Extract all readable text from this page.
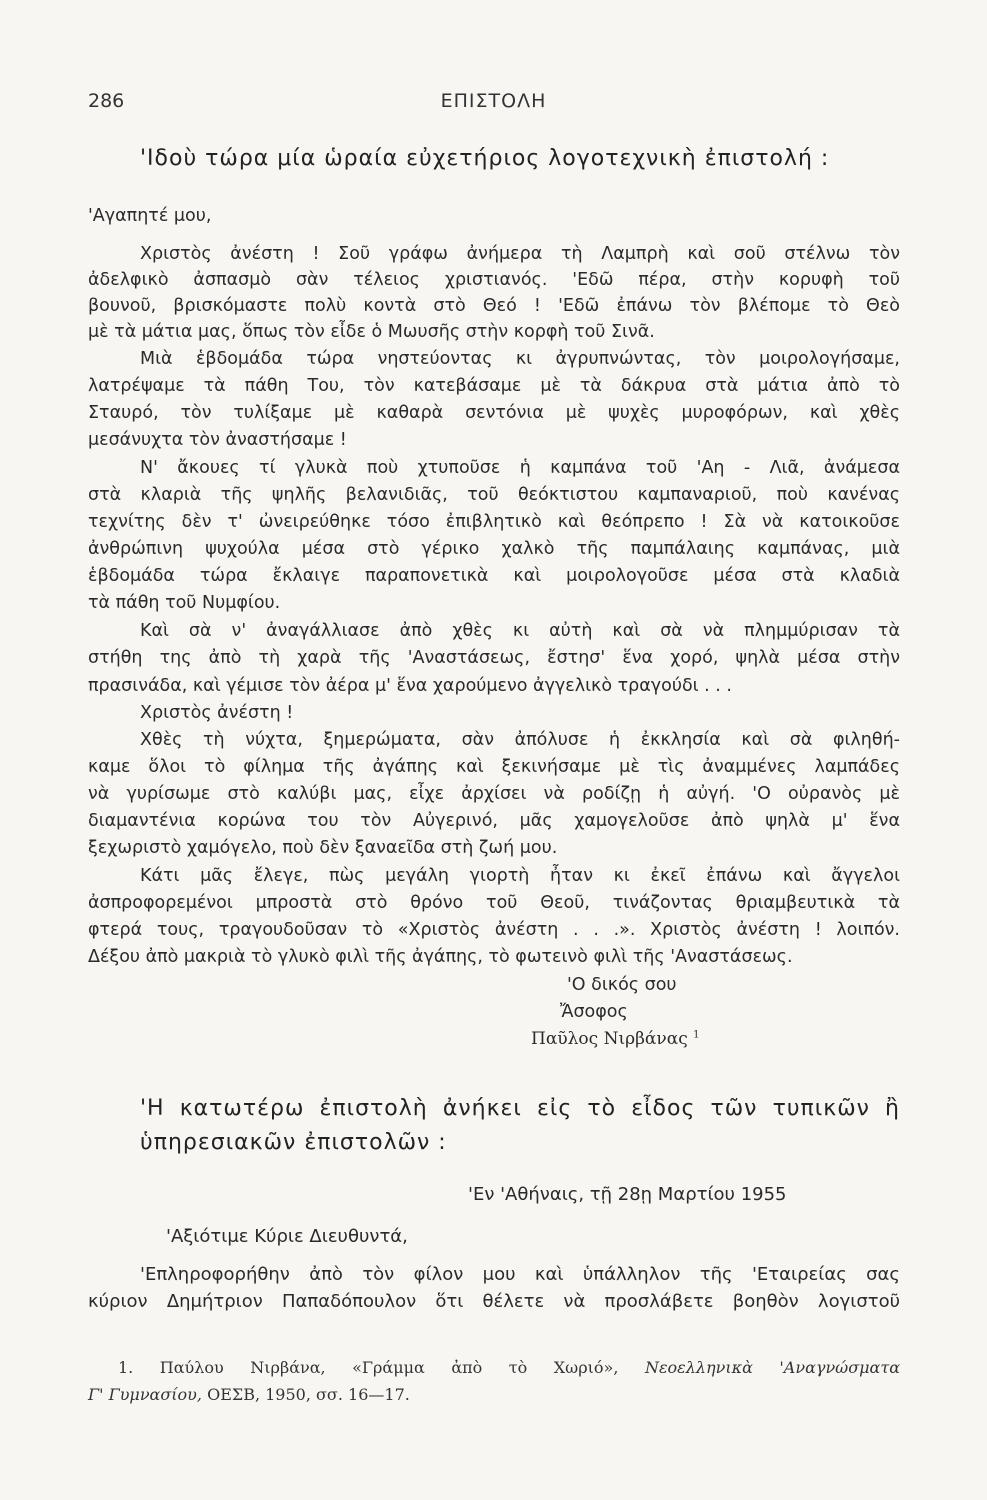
286	ΕΠΙΣΤΟΛΗ
'Ιδοὺ τώρα μία ὡραία εὐχετήριος λογοτεχνικὴ ἐπιστολή :
'Αγαπητέ μου,
Χριστὸς ἀνέστη ! Σοῦ γράφω ἀνήμερα τὴ Λαμπρὴ καὶ σοῦ στέλνω τὸν
ἀδελφικὸ ἀσπασμὸ σὰν τέλειος χριστιανός. 'Εδῶ πέρα, στὴν κορυφὴ τοῦ
βουνοῦ, βρισκόμαστε πολὺ κοντὰ στὸ Θεό ! 'Εδῶ ἐπάνω τὸν βλέπομε τὸ Θεὸ
μὲ τὰ μάτια μας, ὅπως τὸν εἶδε ὁ Μωυσῆς στὴν κορφὴ τοῦ Σινᾶ.
Μιὰ ἑβδομάδα τώρα νηστεύοντας κι ἀγρυπνώντας, τὸν μοιρολογήσαμε,
λατρέψαμε τὰ πάθη Του, τὸν κατεβάσαμε μὲ τὰ δάκρυα στὰ μάτια ἀπὸ τὸ
Σταυρό, τὸν τυλίξαμε μὲ καθαρὰ σεντόνια μὲ ψυχὲς μυροφόρων, καὶ χθὲς
μεσάνυχτα τὸν ἀναστήσαμε !
Ν' ἄκουες τί γλυκὰ ποὺ χτυποῦσε ἡ καμπάνα τοῦ 'Αη - Λιᾶ, ἀνάμεσα
στὰ κλαριὰ τῆς ψηλῆς βελανιδιᾶς, τοῦ θεόκτιστου καμπαναριοῦ, ποὺ κανένας
τεχνίτης δὲν τ' ὠνειρεύθηκε τόσο ἐπιβλητικὸ καὶ θεόπρεπο ! Σὰ νὰ κατοικοῦσε
ἀνθρώπινη ψυχούλα μέσα στὸ γέρικο χαλκὸ τῆς παμπάλαιης καμπάνας, μιὰ
ἑβδομάδα τώρα ἔκλαιγε παραπονετικὰ καὶ μοιρολογοῦσε μέσα στὰ κλαδιὰ
τὰ πάθη τοῦ Νυμφίου.
Καὶ σὰ ν' ἀναγάλλιασε ἀπὸ χθὲς κι αὐτὴ καὶ σὰ νὰ πλημμύρισαν τὰ
στήθη της ἀπὸ τὴ χαρὰ τῆς 'Αναστάσεως, ἔστησ' ἕνα χορό, ψηλὰ μέσα στὴν
πρασινάδα, καὶ γέμισε τὸν ἀέρα μ' ἕνα χαρούμενο ἀγγελικὸ τραγούδι . . .
Χριστὸς ἀνέστη !
Χθὲς τὴ νύχτα, ξημερώματα, σὰν ἀπόλυσε ἡ ἐκκλησία καὶ σὰ φιληθή-
καμε ὅλοι τὸ φίλημα τῆς ἀγάπης καὶ ξεκινήσαμε μὲ τὶς ἀναμμένες λαμπάδες
νὰ γυρίσωμε στὸ καλύβι μας, εἶχε ἀρχίσει νὰ ροδίζῃ ἡ αὐγή. 'Ο οὐρανὸς μὲ
διαμαντένια κορώνα του τὸν Αὐγερινό, μᾶς χαμογελοῦσε ἀπὸ ψηλὰ μ' ἕνα
ξεχωριστὸ χαμόγελο, ποὺ δὲν ξαναεῖδα στὴ ζωή μου.
Κάτι μᾶς ἔλεγε, πὼς μεγάλη γιορτὴ ἦταν κι ἐκεῖ ἐπάνω καὶ ἄγγελοι
ἀσπροφορεμένοι μπροστὰ στὸ θρόνο τοῦ Θεοῦ, τινάζοντας θριαμβευτικὰ τὰ
φτερά τους, τραγουδοῦσαν τὸ «Χριστὸς ἀνέστη . . .». Χριστὸς ἀνέστη ! λοιπόν.
Δέξου ἀπὸ μακριὰ τὸ γλυκὸ φιλὶ τῆς ἀγάπης, τὸ φωτεινὸ φιλὶ τῆς 'Αναστάσεως.
'Ο δικός σου
Ἄσοφος
Παῦλος Νιρβάνας $^1$
'Η κατωτέρω ἐπιστολὴ ἀνήκει εἰς τὸ εἶδος τῶν τυπικῶν ἢ
ὑπηρεσιακῶν ἐπιστολῶν :
'Εν 'Αθήναις, τῇ 28ῃ Μαρτίου 1955
'Αξιότιμε Κύριε Διευθυντά,
'Επληροφορήθην ἀπὸ τὸν φίλον μου καὶ ὑπάλληλον τῆς 'Εταιρείας σας
κύριον Δημήτριον Παπαδόπουλον ὅτι θέλετε νὰ προσλάβετε βοηθὸν λογιστοῦ
1. Παύλου Νιρβάνα, «Γράμμα ἀπὸ τὸ Χωριό», Νεοελληνικὰ 'Αναγνώσματα
Γ' Γυμνασίου, ΟΕΣΒ, 1950, σσ. 16—17.
